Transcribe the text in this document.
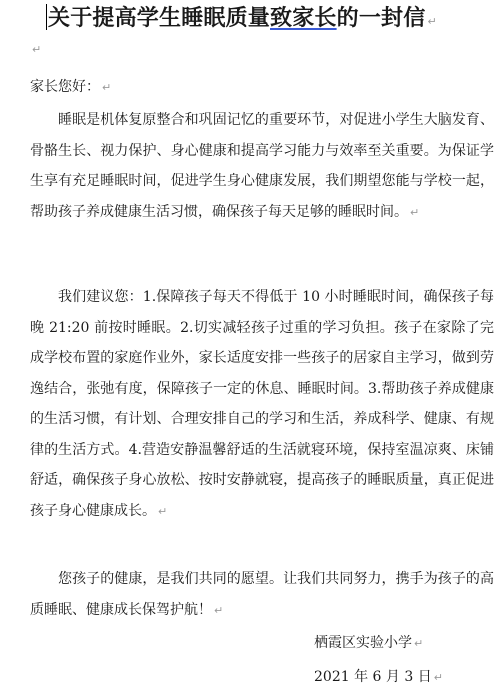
关于提高学生睡眠质量致家长的一封信 ↵
↵
家长您好： ↵

睡眠是机体复原整合和巩固记忆的重要环节，对促进小学生大脑发育、骨骼生长、视力保护、身心健康和提高学习能力与效率至关重要。为保证学生享有充足睡眠时间，促进学生身心健康发展，我们期望您能与学校一起，帮助孩子养成健康生活习惯，确保孩子每天足够的睡眠时间。 ↵

我们建议您：1.保障孩子每天不得低于 10 小时睡眠时间，确保孩子每晚 21:20 前按时睡眠。2.切实减轻孩子过重的学习负担。孩子在家除了完成学校布置的家庭作业外，家长适度安排一些孩子的居家自主学习，做到劳逸结合，张弛有度，保障孩子一定的休息、睡眠时间。3.帮助孩子养成健康的生活习惯，有计划、合理安排自己的学习和生活，养成科学、健康、有规律的生活方式。4.营造安静温馨舒适的生活就寝环境，保持室温凉爽、床铺舒适，确保孩子身心放松、按时安静就寝，提高孩子的睡眠质量，真正促进孩子身心健康成长。 ↵

您孩子的健康，是我们共同的愿望。让我们共同努力，携手为孩子的高质睡眠、健康成长保驾护航！ ↵

栖霞区实验小学 ↵
2021 年 6 月 3 日 ↵
